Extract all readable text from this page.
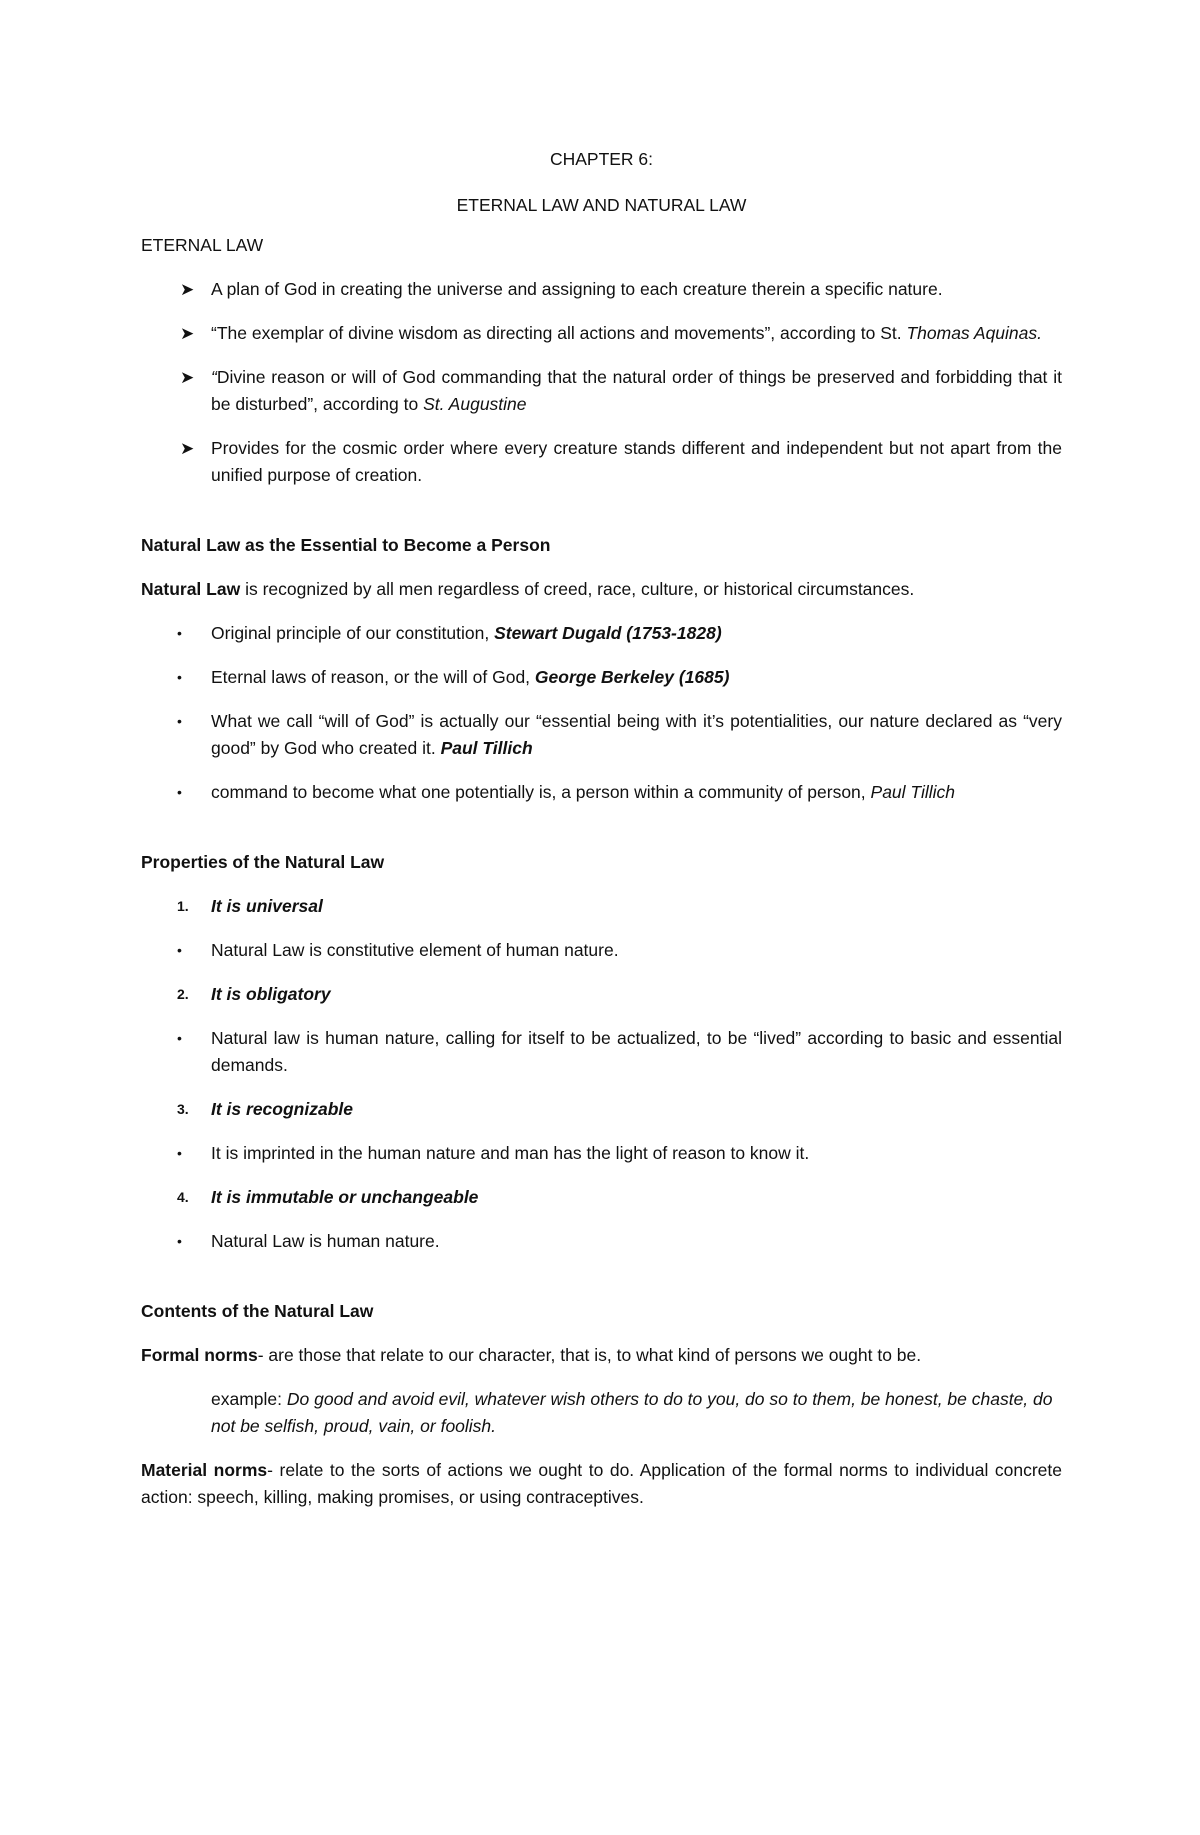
CHAPTER 6:
ETERNAL LAW AND NATURAL LAW
ETERNAL LAW
➤ A plan of God in creating the universe and assigning to each creature therein a specific nature.
➤ “The exemplar of divine wisdom as directing all actions and movements”, according to St. Thomas Aquinas.
➤ “Divine reason or will of God commanding that the natural order of things be preserved and forbidding that it be disturbed”, according to St. Augustine
➤ Provides for the cosmic order where every creature stands different and independent but not apart from the unified purpose of creation.
Natural Law as the Essential to Become a Person

Natural Law is recognized by all men regardless of creed, race, culture, or historical circumstances.

• Original principle of our constitution, Stewart Dugald (1753-1828)
• Eternal laws of reason, or the will of God, George Berkeley (1685)
• What we call “will of God” is actually our “essential being with it’s potentialities, our nature declared as “very good” by God who created it. Paul Tillich
• command to become what one potentially is, a person within a community of person, Paul Tillich
Properties of the Natural Law
1. It is universal
• Natural Law is constitutive element of human nature.
2. It is obligatory
• Natural law is human nature, calling for itself to be actualized, to be “lived” according to basic and essential demands.
3. It is recognizable
• It is imprinted in the human nature and man has the light of reason to know it.
4. It is immutable or unchangeable
• Natural Law is human nature.
Contents of the Natural Law

Formal norms- are those that relate to our character, that is, to what kind of persons we ought to be.

example: Do good and avoid evil, whatever wish others to do to you, do so to them, be honest, be chaste, do not be selfish, proud, vain, or foolish.

Material norms- relate to the sorts of actions we ought to do. Application of the formal norms to individual concrete action: speech, killing, making promises, or using contraceptives.
